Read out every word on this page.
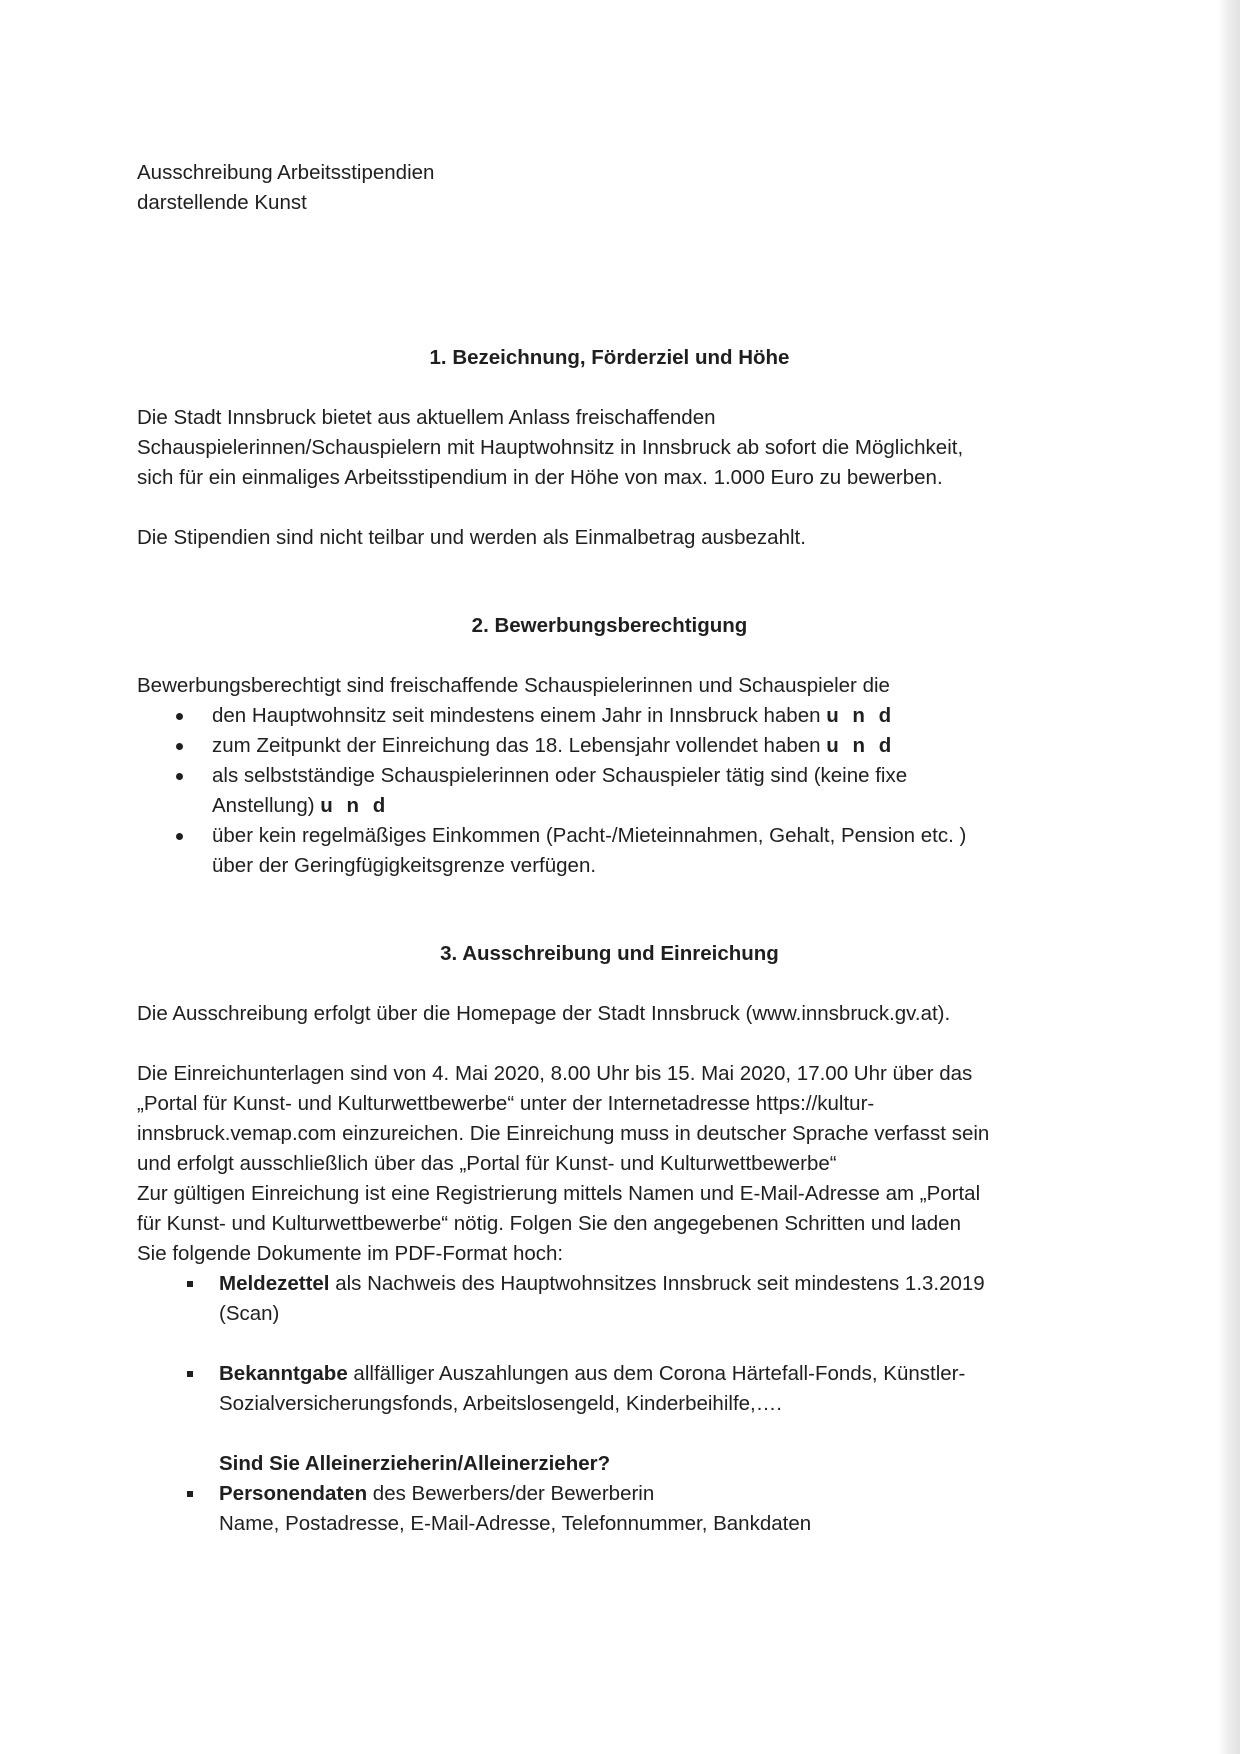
Ausschreibung Arbeitsstipendien

darstellende Kunst

1. Bezeichnung, Förderziel und Höhe

Die Stadt Innsbruck bietet aus aktuellem Anlass freischaffenden

Schauspielerinnen/Schauspielern mit Hauptwohnsitz in Innsbruck ab sofort die Möglichkeit,

sich für ein einmaliges Arbeitsstipendium in der Höhe von max. 1.000 Euro zu bewerben.

Die Stipendien sind nicht teilbar und werden als Einmalbetrag ausbezahlt.

2. Bewerbungsberechtigung

Bewerbungsberechtigt sind freischaffende Schauspielerinnen und Schauspieler die

den Hauptwohnsitz seit mindestens einem Jahr in Innsbruck haben u n d
zum Zeitpunkt der Einreichung das 18. Lebensjahr vollendet haben u n d
als selbstständige Schauspielerinnen oder Schauspieler tätig sind (keine fixe
Anstellung) u n d
über kein regelmäßiges Einkommen (Pacht-/Mieteinnahmen, Gehalt, Pension etc. )
über der Geringfügigkeitsgrenze verfügen.
3. Ausschreibung und Einreichung

Die Ausschreibung erfolgt über die Homepage der Stadt Innsbruck (www.innsbruck.gv.at).

Die Einreichunterlagen sind von 4. Mai 2020, 8.00 Uhr bis 15. Mai 2020, 17.00 Uhr über das

„Portal für Kunst- und Kulturwettbewerbe“ unter der Internetadresse https://kultur-

innsbruck.vemap.com einzureichen. Die Einreichung muss in deutscher Sprache verfasst sein

und erfolgt ausschließlich über das „Portal für Kunst- und Kulturwettbewerbe“

Zur gültigen Einreichung ist eine Registrierung mittels Namen und E-Mail-Adresse am „Portal

für Kunst- und Kulturwettbewerbe“ nötig. Folgen Sie den angegebenen Schritten und laden

Sie folgende Dokumente im PDF-Format hoch:

Meldezettel als Nachweis des Hauptwohnsitzes Innsbruck seit mindestens 1.3.2019
(Scan)
Bekanntgabe allfälliger Auszahlungen aus dem Corona Härtefall-Fonds, Künstler-
Sozialversicherungsfonds, Arbeitslosengeld, Kinderbeihilfe,….

Sind Sie Alleinerzieherin/Alleinerzieher?

Personendaten des Bewerbers/der Bewerberin
Name, Postadresse, E-Mail-Adresse, Telefonnummer, Bankdaten
